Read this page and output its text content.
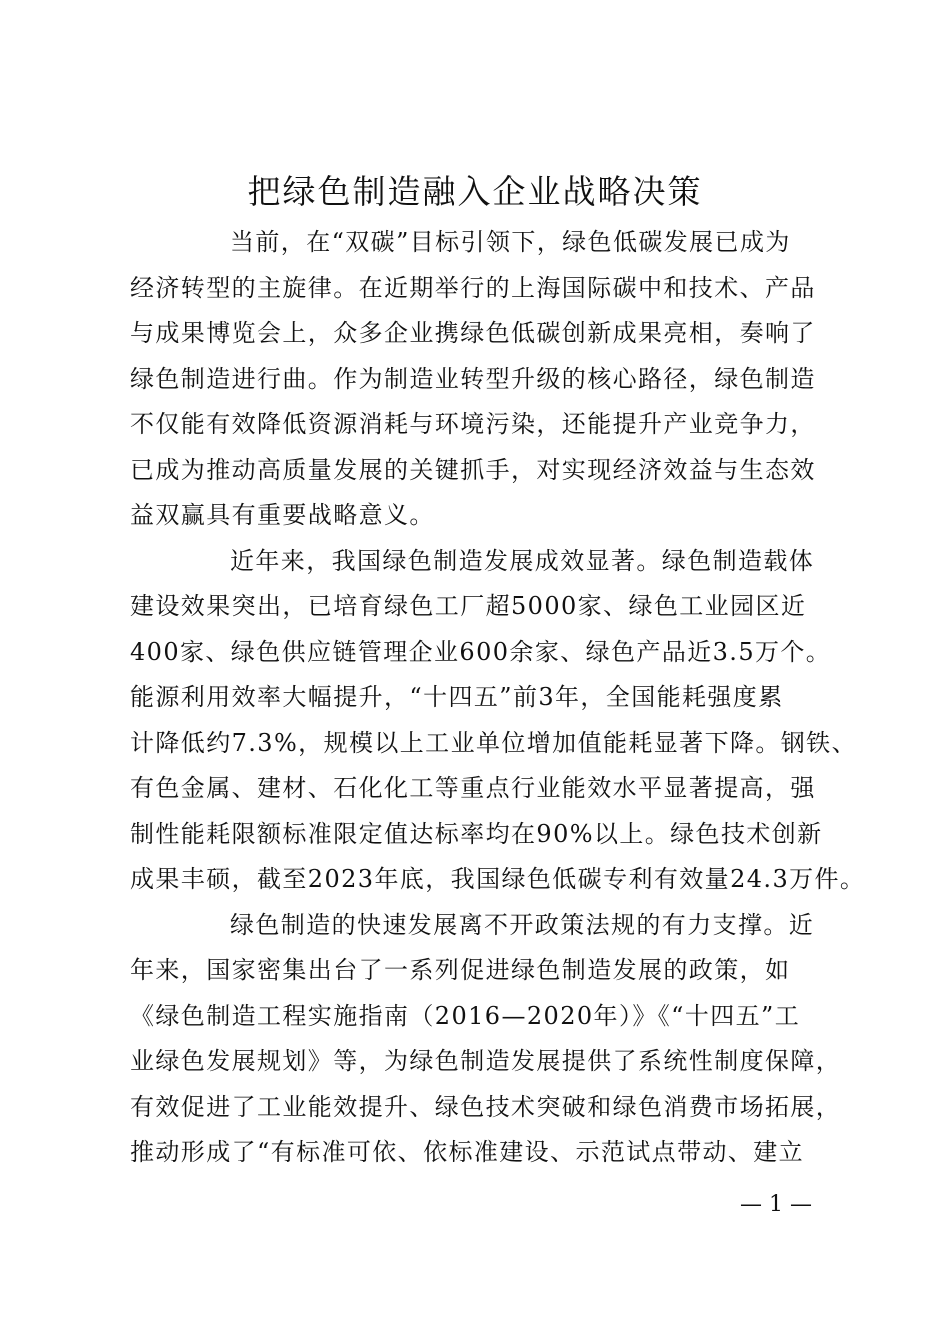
把绿色制造融入企业战略决策

当前，在“双碳”目标引领下，绿色低碳发展已成为
经济转型的主旋律。在近期举行的上海国际碳中和技术、产品
与成果博览会上，众多企业携绿色低碳创新成果亮相，奏响了
绿色制造进行曲。作为制造业转型升级的核心路径，绿色制造
不仅能有效降低资源消耗与环境污染，还能提升产业竞争力，
已成为推动高质量发展的关键抓手，对实现经济效益与生态效
益双赢具有重要战略意义。

近年来，我国绿色制造发展成效显著。绿色制造载体
建设效果突出，已培育绿色工厂超5000家、绿色工业园区近
400家、绿色供应链管理企业600余家、绿色产品近3.5万个。
能源利用效率大幅提升，“十四五”前3年，全国能耗强度累
计降低约7.3%，规模以上工业单位增加值能耗显著下降。钢铁、
有色金属、建材、石化化工等重点行业能效水平显著提高，强
制性能耗限额标准限定值达标率均在90%以上。绿色技术创新
成果丰硕，截至2023年底，我国绿色低碳专利有效量24.3万件。

绿色制造的快速发展离不开政策法规的有力支撑。近
年来，国家密集出台了一系列促进绿色制造发展的政策，如
《绿色制造工程实施指南（2016—2020年）》《“十四五”工
业绿色发展规划》等，为绿色制造发展提供了系统性制度保障，
有效促进了工业能效提升、绿色技术突破和绿色消费市场拓展，
推动形成了“有标准可依、依标准建设、示范试点带动、建立

— 1 —
